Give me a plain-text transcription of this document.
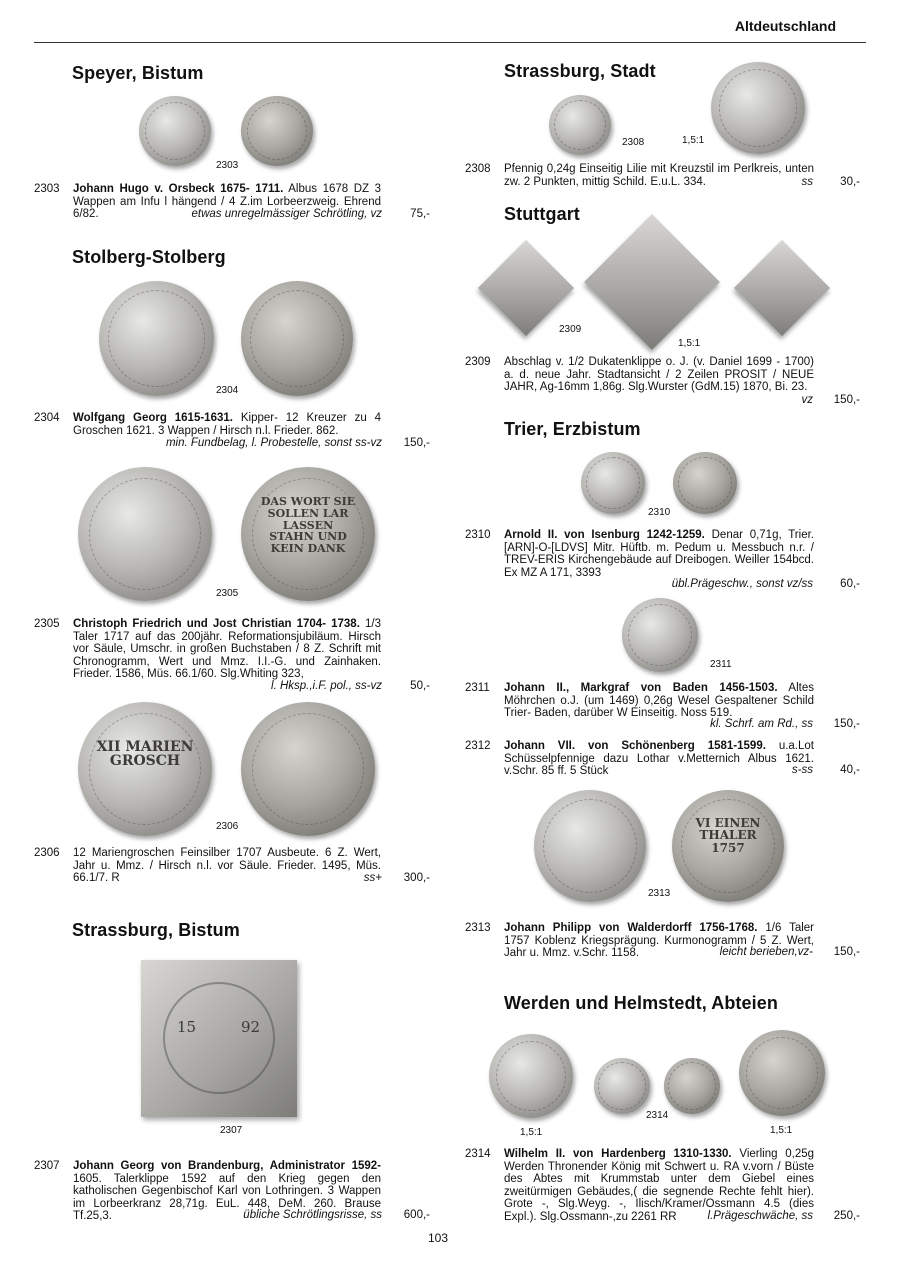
Altdeutschland
Speyer, Bistum
2303
2303 Johann Hugo v. Orsbeck 1675- 1711. Albus 1678 DZ 3 Wappen am Infu l hängend / 4 Z.im Lorbeerzweig. Ehrend 6/82.	etwas unregelmässiger Schrötling, vz 75,-
Stolberg-Stolberg
2304
2304 Wolfgang Georg 1615-1631. Kipper- 12 Kreuzer zu 4 Groschen 1621. 3 Wappen / Hirsch n.l. Frieder. 862.
min. Fundbelag, l. Probestelle, sonst ss-vz 150,-
DAS WORT SIE SOLLEN LAR LASSEN STAHN UND KEIN DANK
2305
2305 Christoph Friedrich und Jost Christian 1704- 1738. 1/3 Taler 1717 auf das 200jähr. Reformationsjubiläum. Hirsch vor Säule, Umschr. in großen Buchstaben / 8 Z. Schrift mit Chronogramm, Wert und Mmz. I.I.-G. und Zainhaken. Frieder. 1586, Müs. 66.1/60. Slg.Whiting 323,
l. Hksp.,i.F. pol., ss-vz 50,-
XII MARIEN GROSCH
2306
2306 12 Mariengroschen Feinsilber 1707 Ausbeute. 6 Z. Wert, Jahr u. Mmz. / Hirsch n.l. vor Säule. Frieder. 1495, Müs. 66.1/7. R	ss+ 300,-
Strassburg, Bistum
15	92
2307
2307 Johann Georg von Brandenburg, Administrator 1592- 1605. Talerklippe 1592 auf den Krieg gegen den katholischen Gegenbischof Karl von Lothringen. 3 Wappen im Lorbeerkranz 28,71g. EuL. 448, DeM. 260. Brause Tf.25,3.	übliche Schrötlingsrisse, ss 600,-
Strassburg, Stadt
2308	1,5:1
2308 Pfennig 0,24g Einseitig Lilie mit Kreuzstil im Perlkreis, unten zw. 2 Punkten, mittig Schild. E.u.L. 334.	ss 30,-
Stuttgart
2309
1,5:1
2309 Abschlag v. 1/2 Dukatenklippe o. J. (v. Daniel 1699 - 1700) a. d. neue Jahr. Stadtansicht / 2 Zeilen PROSIT / NEUE JAHR, Ag-16mm 1,86g. Slg.Wurster (GdM.15) 1870, Bi. 23.
vz 150,-
Trier, Erzbistum
2310
2310 Arnold II. von Isenburg 1242-1259. Denar 0,71g, Trier. [ARN]-O-[LDVS] Mitr. Hüftb. m. Pedum u. Messbuch n.r. / TREV-ERIS Kirchengebäude auf Dreibogen. Weiller 154bcd. Ex MZ A 171, 3393
übl.Prägeschw., sonst vz/ss 60,-
2311
2311 Johann II., Markgraf von Baden 1456-1503. Altes Möhrchen o.J. (um 1469) 0,26g Wesel Gespaltener Schild Trier- Baden, darüber W Einseitig. Noss 519.
kl. Schrf. am Rd., ss 150,-
2312 Johann VII. von Schönenberg 1581-1599. u.a.Lot Schüsselpfennige dazu Lothar v.Metternich Albus 1621. v.Schr. 85 ff. 5 Stück	s-ss 40,-
VI EINEN THALER 1757
2313
2313 Johann Philipp von Walderdorff 1756-1768. 1/6 Taler 1757 Koblenz Kriegsprägung. Kurmonogramm / 5 Z. Wert, Jahr u. Mmz. v.Schr. 1158.	leicht berieben,vz- 150,-
Werden und Helmstedt, Abteien
2314
1,5:1	1,5:1
2314 Wilhelm II. von Hardenberg 1310-1330. Vierling 0,25g Werden Thronender König mit Schwert u. RA v.vorn / Büste des Abtes mit Krummstab unter dem Giebel eines zweitürmigen Gebäudes,( die segnende Rechte fehlt hier). Grote -, Slg.Weyg. -, Ilisch/Kramer/Ossmann 4.5 (dies Expl.). Slg.Ossmann-,zu 2261 RR	l.Prägeschwäche, ss 250,-
103
